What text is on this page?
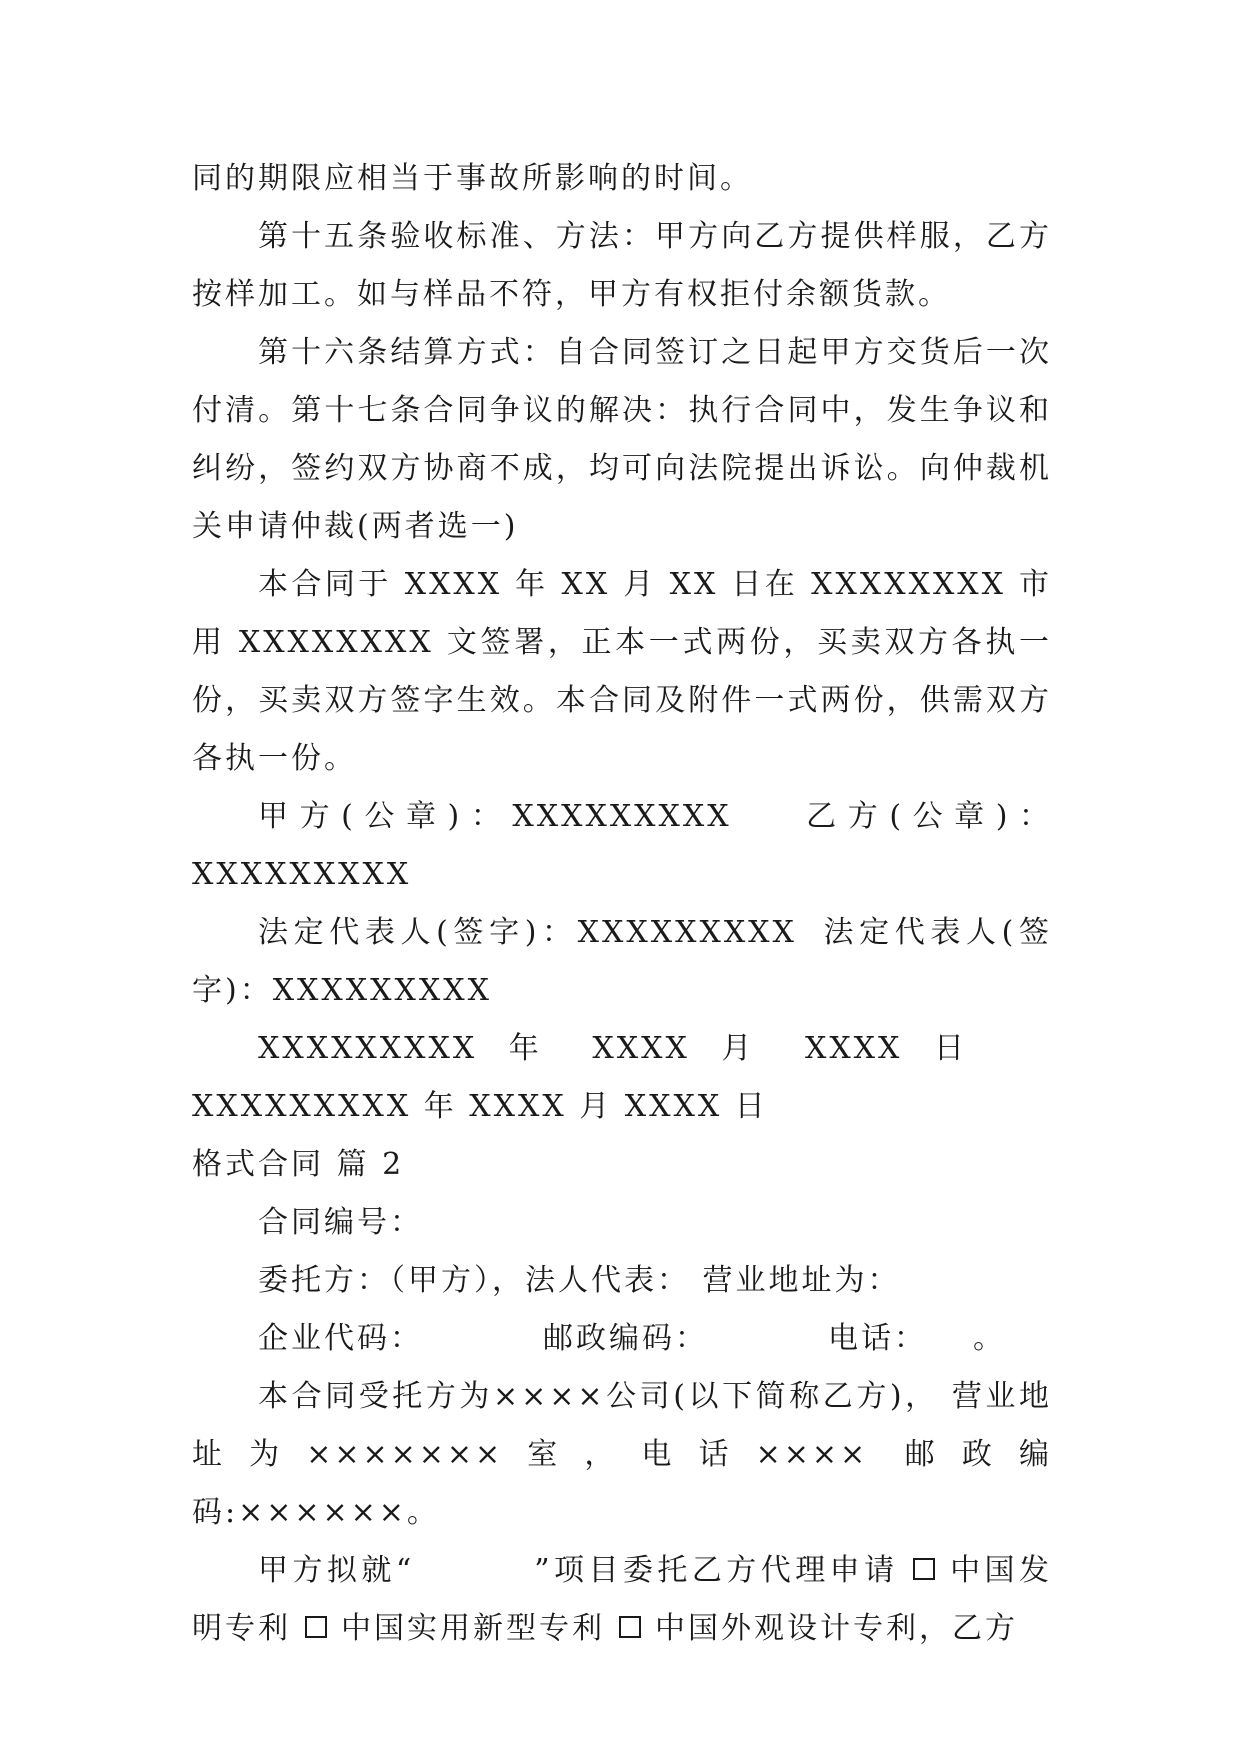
同的期限应相当于事故所影响的时间。

第十五条验收标准、方法：甲方向乙方提供样服，乙方按样加工。如与样品不符，甲方有权拒付余额货款。

第十六条结算方式：自合同签订之日起甲方交货后一次付清。第十七条合同争议的解决：执行合同中，发生争议和纠纷，签约双方协商不成，均可向法院提出诉讼。向仲裁机关申请仲裁(两者选一)

本合同于 XXXX 年 XX 月 XX 日在 XXXXXXXX 市用 XXXXXXXX 文签署，正本一式两份，买卖双方各执一份，买卖双方签字生效。本合同及附件一式两份，供需双方各执一份。

甲方(公章)：XXXXXXXXX 乙方(公章)：XXXXXXXXX

法定代表人(签字)：XXXXXXXXX 法定代表人(签字)：XXXXXXXXX

XXXXXXXXX 年 XXXX 月 XXXX 日XXXXXXXXX 年 XXXX 月 XXXX 日

格式合同 篇 2

合同编号：

委托方：（甲方），法人代表： 营业地址为：

企业代码：	邮政编码：	电话： 。

本合同受托方为××××公司(以下简称乙方)， 营业地址为×××××××室，电话×××× 邮政编码:××××××。

甲方拟就“	”项目委托乙方代理申请 中国发明专利 中国实用新型专利 中国外观设计专利，乙方
